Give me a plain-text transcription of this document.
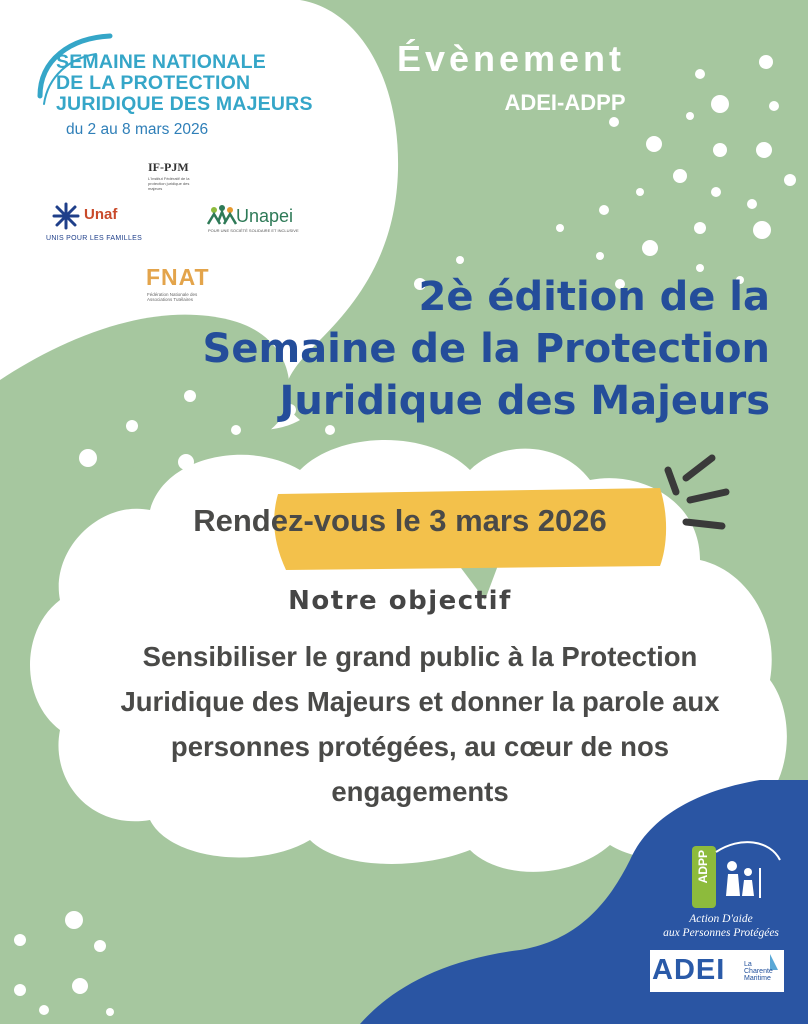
SEMAINE NATIONALE
DE LA PROTECTION
JURIDIQUE DES MAJEURS
du 2 au 8 mars 2026
Évènement
ADEI-ADPP
IF-PJM
L'Institut Fédératif de la protection juridique des majeurs
Unaf
UNIS POUR LES FAMILLES
Unapei
POUR UNE SOCIÉTÉ SOLIDAIRE ET INCLUSIVE
FNAT
Fédération Nationale des Associations Tutélaires	2è édition de la
Semaine de la Protection
Juridique des Majeurs
Rendez-vous le 3 mars 2026
Notre objectif
Sensibiliser le grand public à la Protection
Juridique des Majeurs et donner la parole aux
personnes protégées, au cœur de nos
engagements
ADPP
Action D'aide
aux Personnes Protégées
ADEI	La
Charente
Maritime
